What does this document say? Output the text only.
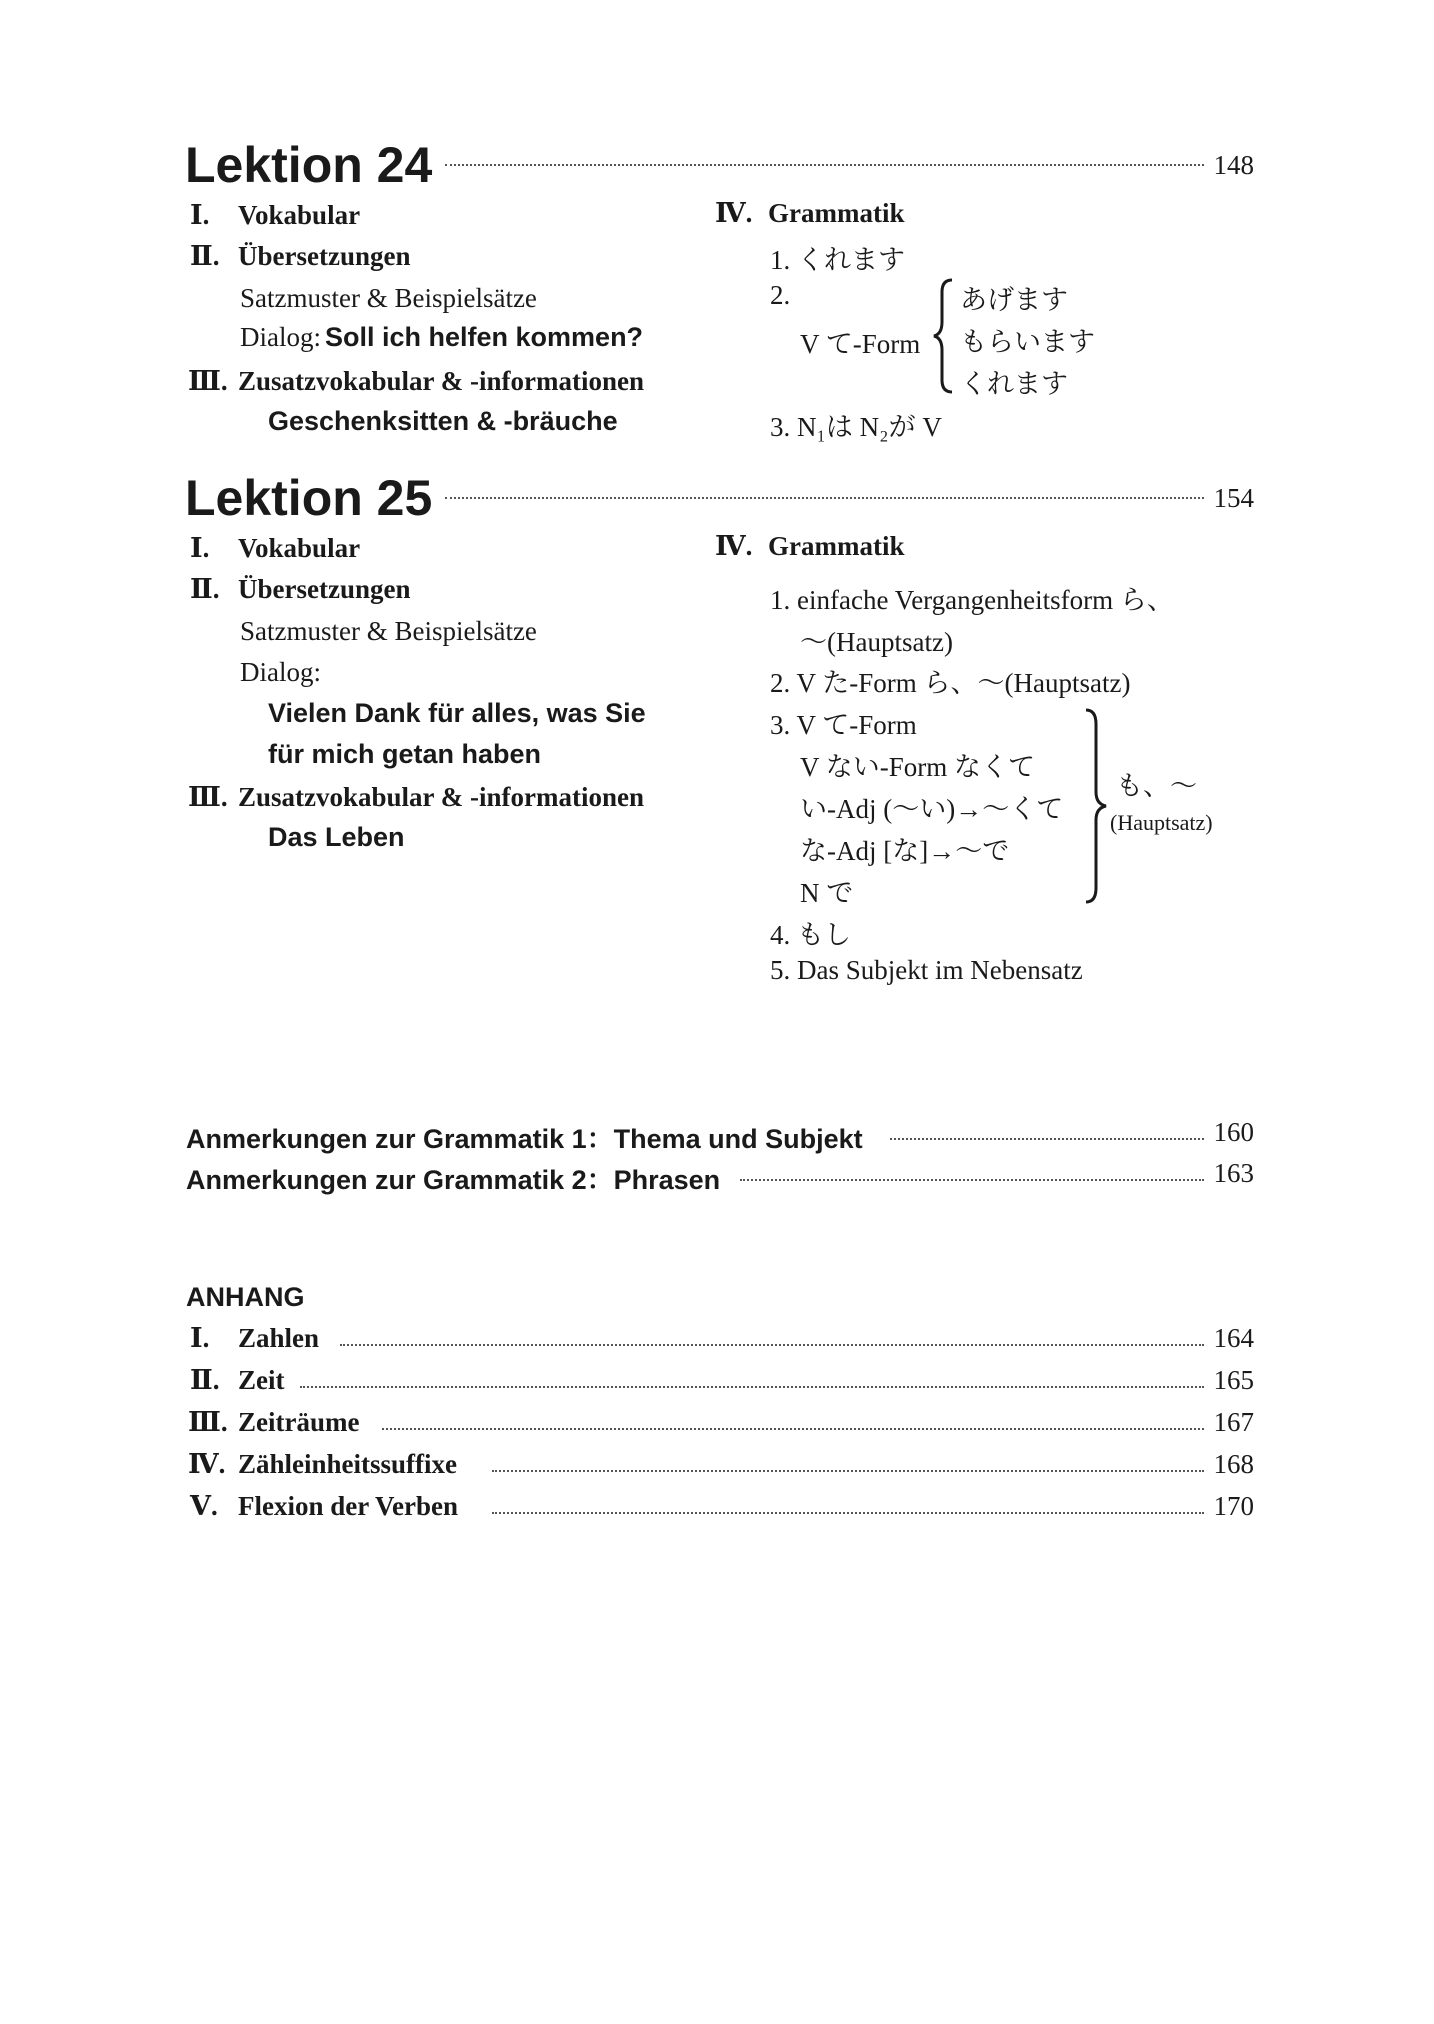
Lektion 24	148
Ⅰ. Vokabular
Ⅱ. Übersetzungen
Satzmuster & Beispielsätze
Dialog: Soll ich helfen kommen?
Ⅲ. Zusatzvokabular & -informationen
Geschenksitten & -bräuche
Ⅳ. Grammatik
1. くれます
2.
V て-Form
あげます
もらいます
くれます
3. N₁は N₂が V
Lektion 25	154
Ⅰ. Vokabular
Ⅱ. Übersetzungen
Satzmuster & Beispielsätze
Dialog:
Vielen Dank für alles, was Sie
für mich getan haben
Ⅲ. Zusatzvokabular & -informationen
Das Leben
Ⅳ. Grammatik
1. einfache Vergangenheitsform ら、
～(Hauptsatz)
2. V た-Form ら、～(Hauptsatz)
3. V て-Form
V ない-Form なくて
い-Adj (～い)→～くて
な-Adj [な]→～で
N で
も、～
(Hauptsatz)
4. もし
5. Das Subjekt im Nebensatz
Anmerkungen zur Grammatik 1：Thema und Subjekt	160
Anmerkungen zur Grammatik 2：Phrasen	163
ANHANG
Ⅰ. Zahlen	164
Ⅱ. Zeit	165
Ⅲ. Zeiträume	167
Ⅳ. Zähleinheitssuffixe	168
Ⅴ. Flexion der Verben	170
